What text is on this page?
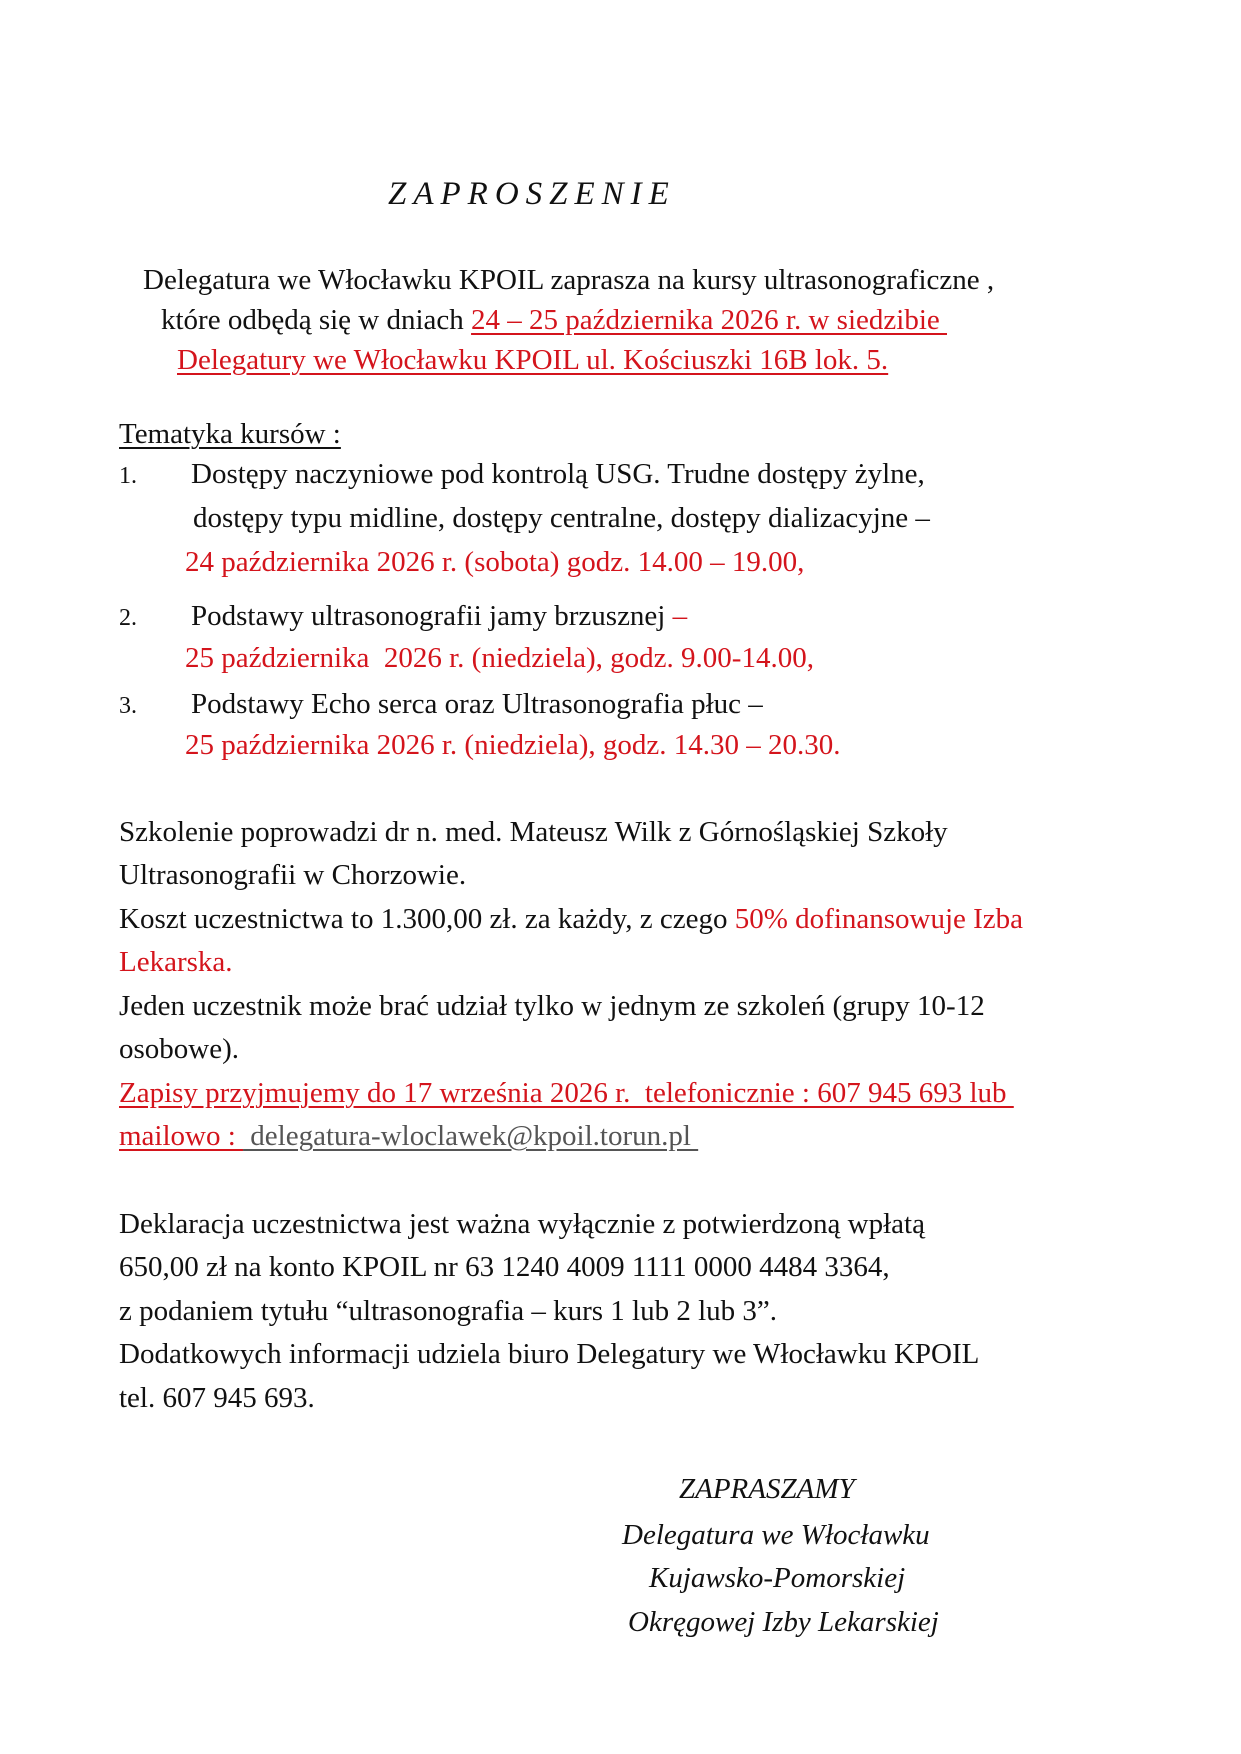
ZAPROSZENIE
Delegatura we Włocławku KPOIL zaprasza na kursy ultrasonograficzne ,
które odbędą się w dniach 24 – 25 października 2026 r. w siedzibie
Delegatury we Włocławku KPOIL ul. Kościuszki 16B lok. 5.
Tematyka kursów :
1. Dostępy naczyniowe pod kontrolą USG. Trudne dostępy żylne,
dostępy typu midline, dostępy centralne, dostępy dializacyjne –
24 października 2026 r. (sobota) godz. 14.00 – 19.00,
2. Podstawy ultrasonografii jamy brzusznej –
25 października  2026 r. (niedziela), godz. 9.00-14.00,
3. Podstawy Echo serca oraz Ultrasonografia płuc –
25 października 2026 r. (niedziela), godz. 14.30 – 20.30.
Szkolenie poprowadzi dr n. med. Mateusz Wilk z Górnośląskiej Szkoły
Ultrasonografii w Chorzowie.
Koszt uczestnictwa to 1.300,00 zł. za każdy, z czego 50% dofinansowuje Izba
Lekarska.
Jeden uczestnik może brać udział tylko w jednym ze szkoleń (grupy 10-12
osobowe).
Zapisy przyjmujemy do 17 września 2026 r.  telefonicznie : 607 945 693 lub
mailowo :  delegatura-wloclawek@kpoil.torun.pl
Deklaracja uczestnictwa jest ważna wyłącznie z potwierdzoną wpłatą
650,00 zł na konto KPOIL nr 63 1240 4009 1111 0000 4484 3364,
z podaniem tytułu “ultrasonografia – kurs 1 lub 2 lub 3”.
Dodatkowych informacji udziela biuro Delegatury we Włocławku KPOIL
tel. 607 945 693.
ZAPRASZAMY
Delegatura we Włocławku
Kujawsko-Pomorskiej
Okręgowej Izby Lekarskiej
